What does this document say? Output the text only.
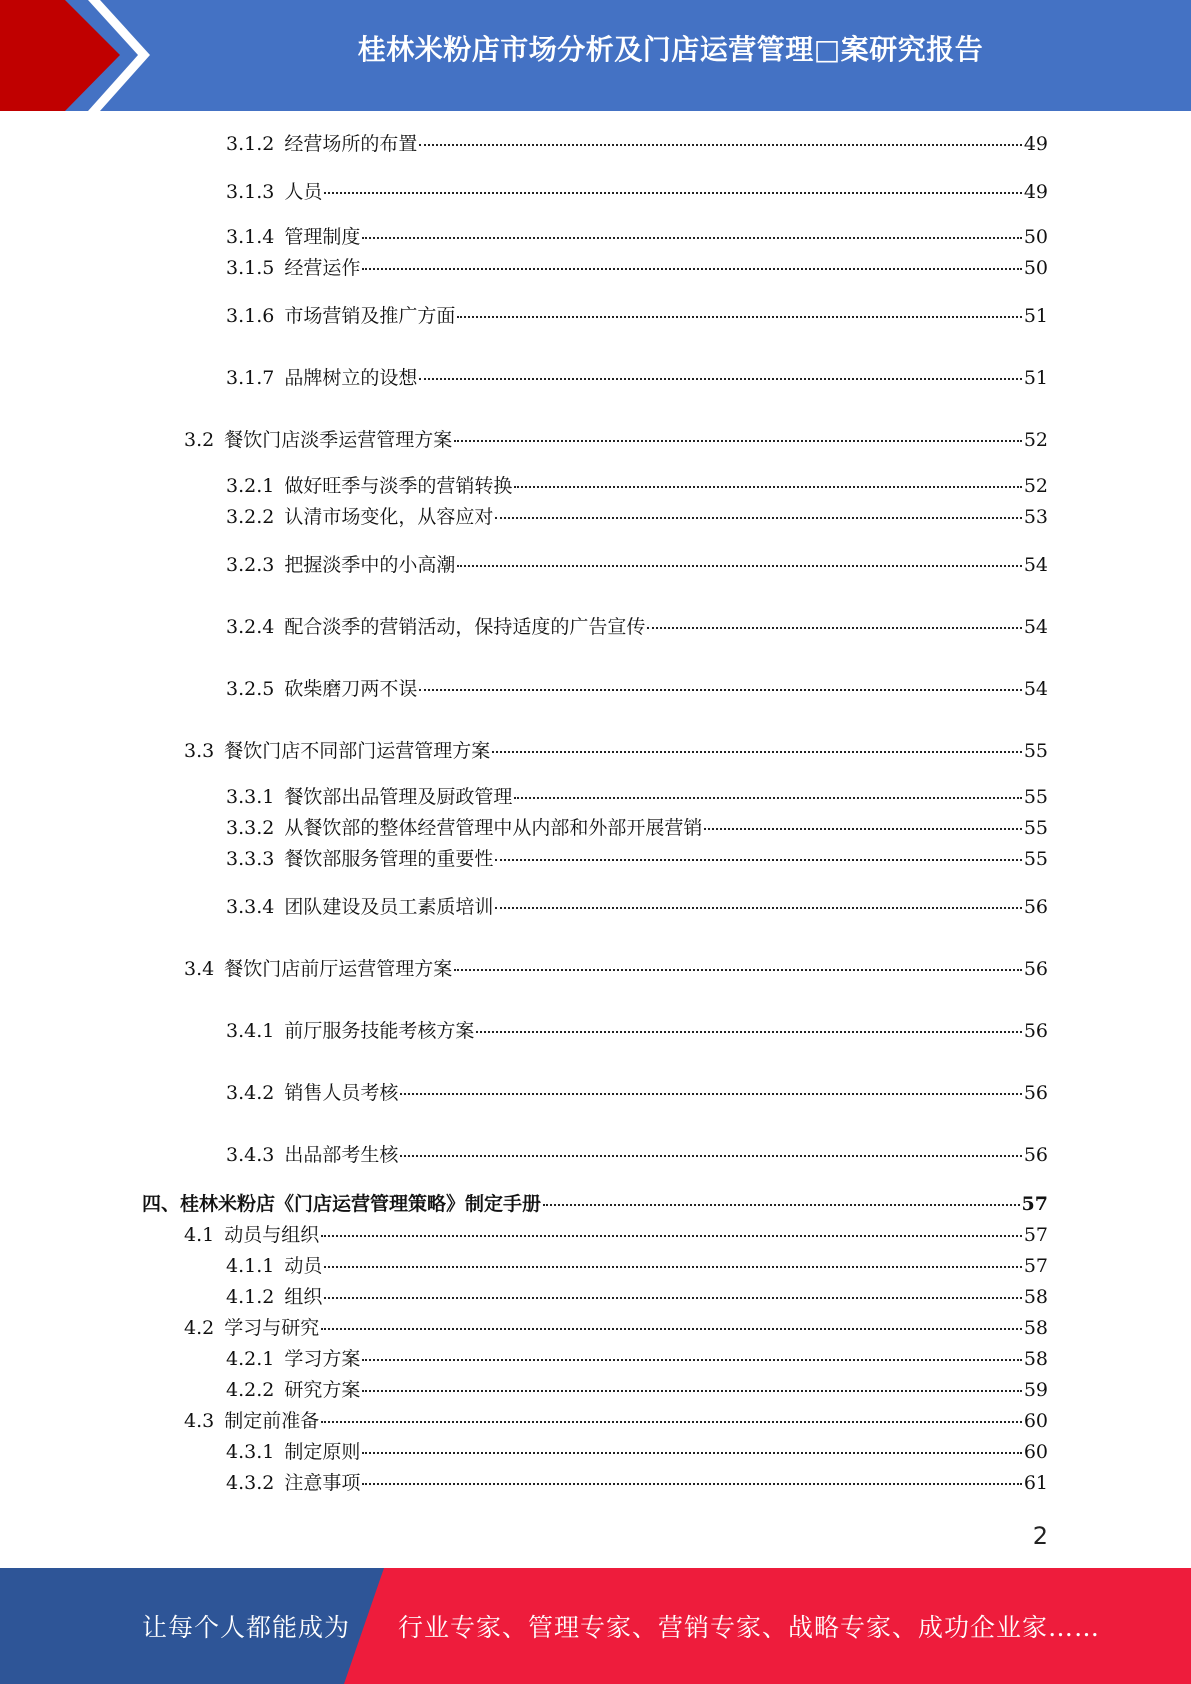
桂林米粉店市场分析及门店运营管理□案研究报告
3.1.2 经营场所的布置	49
3.1.3 人员	49
3.1.4 管理制度	50
3.1.5 经营运作	50
3.1.6 市场营销及推广方面	51
3.1.7 品牌树立的设想	51
3.2 餐饮门店淡季运营管理方案	52
3.2.1 做好旺季与淡季的营销转换	52
3.2.2 认清市场变化，从容应对	53
3.2.3 把握淡季中的小高潮	54
3.2.4 配合淡季的营销活动，保持适度的广告宣传	54
3.2.5 砍柴磨刀两不误	54
3.3 餐饮门店不同部门运营管理方案	55
3.3.1 餐饮部出品管理及厨政管理	55
3.3.2 从餐饮部的整体经营管理中从内部和外部开展营销	55
3.3.3 餐饮部服务管理的重要性	55
3.3.4 团队建设及员工素质培训	56
3.4 餐饮门店前厅运营管理方案	56
3.4.1 前厅服务技能考核方案	56
3.4.2 销售人员考核	56
3.4.3 出品部考生核	56
四、桂林米粉店《门店运营管理策略》制定手册	57
4.1 动员与组织	57
4.1.1 动员	57
4.1.2 组织	58
4.2 学习与研究	58
4.2.1 学习方案	58
4.2.2 研究方案	59
4.3 制定前准备	60
4.3.1 制定原则	60
4.3.2 注意事项	61
2
让每个人都能成为 行业专家、管理专家、营销专家、战略专家、成功企业家……
